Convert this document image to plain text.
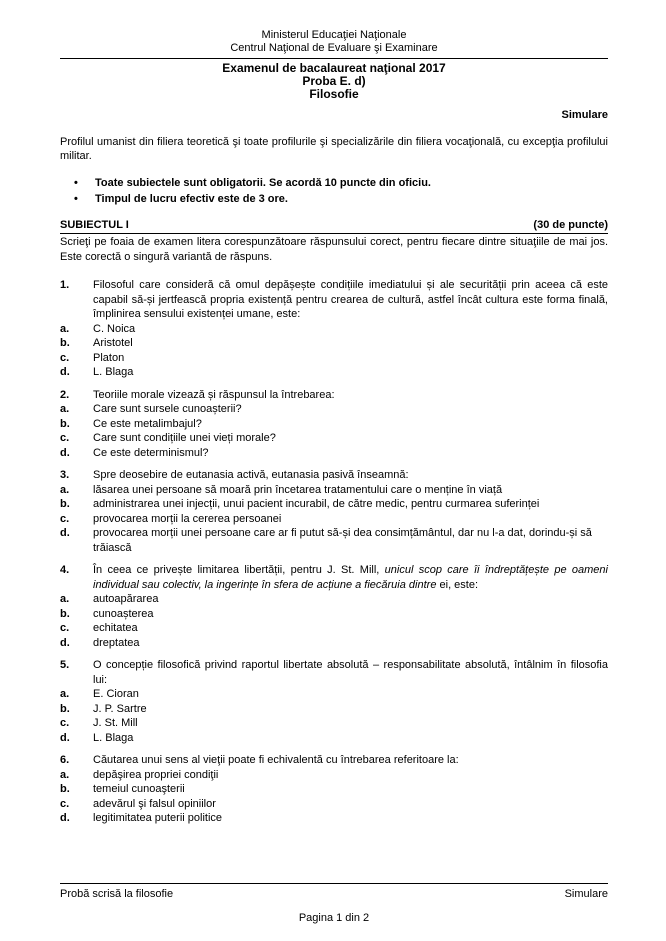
Ministerul Educaţiei Naţionale
Centrul Naţional de Evaluare şi Examinare
Examenul de bacalaureat naţional 2017
Proba E. d)
Filosofie
Simulare
Profilul umanist din filiera teoretică şi toate profilurile şi specializările din filiera vocaţională, cu excepţia profilului militar.
• Toate subiectele sunt obligatorii. Se acordă 10 puncte din oficiu.
• Timpul de lucru efectiv este de 3 ore.
SUBIECTUL I	(30 de puncte)
Scrieţi pe foaia de examen litera corespunzătoare răspunsului corect, pentru fiecare dintre situaţiile de mai jos. Este corectă o singură variantă de răspuns.
1.	Filosoful care consideră că omul depășește condițiile imediatului și ale securității prin aceea că este capabil să-și jertfească propria existență pentru crearea de cultură, astfel încât cultura este forma finală, împlinirea sensului existenței umane, este:
a.	C. Noica
b.	Aristotel
c.	Platon
d.	L. Blaga
2.	Teoriile morale vizează și răspunsul la întrebarea:
a.	Care sunt sursele cunoașterii?
b.	Ce este metalimbajul?
c.	Care sunt condițiile unei vieți morale?
d.	Ce este determinismul?
3.	Spre deosebire de eutanasia activă, eutanasia pasivă înseamnă:
a.	lăsarea unei persoane să moară prin încetarea tratamentului care o menține în viață
b.	administrarea unei injecții, unui pacient incurabil, de către medic, pentru curmarea suferinței
c.	provocarea morții la cererea persoanei
d.	provocarea morții unei persoane care ar fi putut să-și dea consimțământul, dar nu l-a dat, dorindu-și să trăiască
4.	În ceea ce privește limitarea libertății, pentru J. St. Mill, unicul scop care îi îndreptățește pe oameni individual sau colectiv, la ingerințe în sfera de acțiune a fiecăruia dintre ei, este:
a.	autoapărarea
b.	cunoașterea
c.	echitatea
d.	dreptatea
5.	O concepție filosofică privind raportul libertate absolută – responsabilitate absolută, întâlnim în filosofia lui:
a.	E. Cioran
b.	J. P. Sartre
c.	J. St. Mill
d.	L. Blaga
6.	Căutarea unui sens al vieţii poate fi echivalentă cu întrebarea referitoare la:
a.	depăşirea propriei condiţii
b.	temeiul cunoaşterii
c.	adevărul şi falsul opiniilor
d.	legitimitatea puterii politice
Probă scrisă la filosofie	Simulare
Pagina 1 din 2
